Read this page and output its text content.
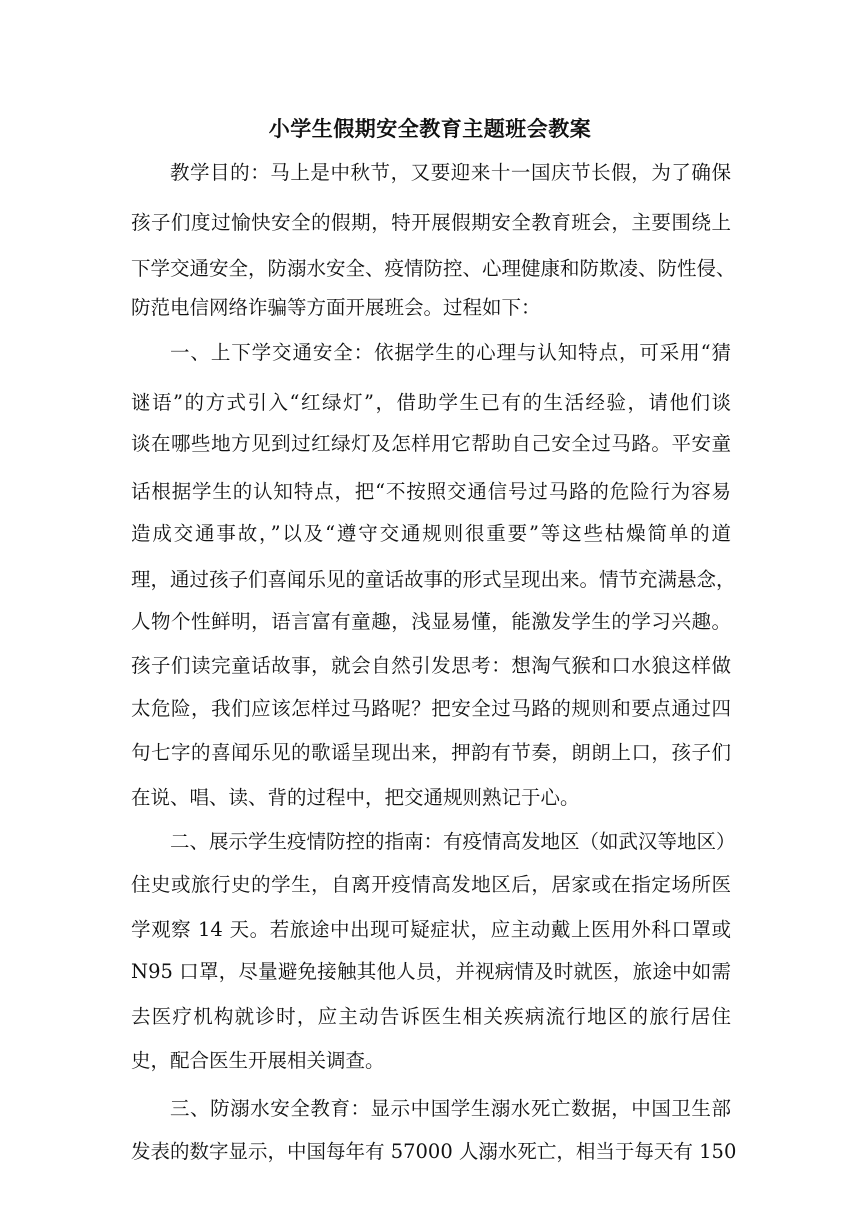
小学生假期安全教育主题班会教案
教学目的：马上是中秋节，又要迎来十一国庆节长假，为了确保
孩子们度过愉快安全的假期，特开展假期安全教育班会，主要围绕上
下学交通安全，防溺水安全、疫情防控、心理健康和防欺凌、防性侵、
防范电信网络诈骗等方面开展班会。过程如下：
一、上下学交通安全：依据学生的心理与认知特点，可采用“猜
谜语”的方式引入“红绿灯”，借助学生已有的生活经验，请他们谈
谈在哪些地方见到过红绿灯及怎样用它帮助自己安全过马路。平安童
话根据学生的认知特点，把“不按照交通信号过马路的危险行为容易
造成交通事故，”以及“遵守交通规则很重要”等这些枯燥简单的道
理，通过孩子们喜闻乐见的童话故事的形式呈现出来。情节充满悬念，
人物个性鲜明，语言富有童趣，浅显易懂，能激发学生的学习兴趣。
孩子们读完童话故事，就会自然引发思考：想淘气猴和口水狼这样做
太危险，我们应该怎样过马路呢？把安全过马路的规则和要点通过四
句七字的喜闻乐见的歌谣呈现出来，押韵有节奏，朗朗上口，孩子们
在说、唱、读、背的过程中，把交通规则熟记于心。
二、展示学生疫情防控的指南：有疫情高发地区（如武汉等地区）
住史或旅行史的学生，自离开疫情高发地区后，居家或在指定场所医
学观察 14 天。若旅途中出现可疑症状，应主动戴上医用外科口罩或
N95 口罩，尽量避免接触其他人员，并视病情及时就医，旅途中如需
去医疗机构就诊时，应主动告诉医生相关疾病流行地区的旅行居住
史，配合医生开展相关调查。
三、防溺水安全教育：显示中国学生溺水死亡数据，中国卫生部
发表的数字显示，中国每年有 57000 人溺水死亡，相当于每天有 150
